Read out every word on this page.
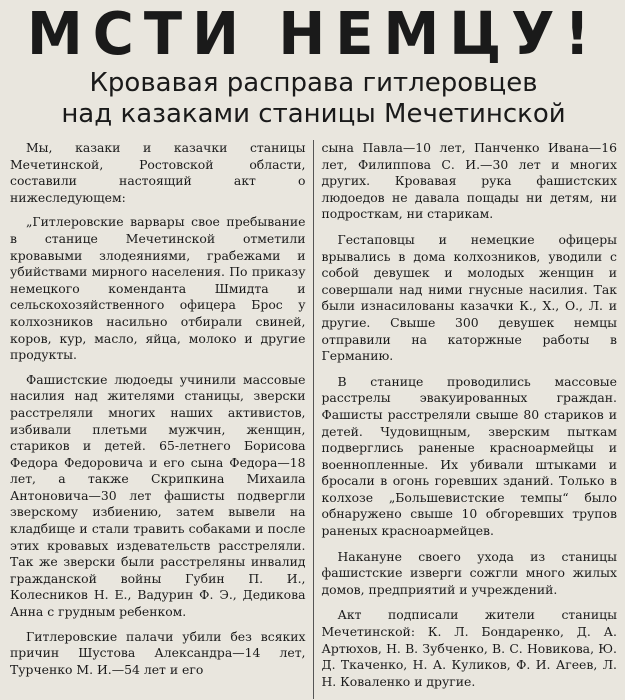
МСТИ НЕМЦУ!
Кровавая расправа гитлеровцев
над казаками станицы Мечетинской

Мы, казаки и казачки станицы Мечетинской, Ростовской области, составили настоящий акт о нижеследующем:

„Гитлеровские варвары свое пребывание в станице Мечетинской отметили кровавыми злодеяниями, грабежами и убийствами мирного населения. По приказу немецкого коменданта Шмидта и сельскохозяйственного офицера Брос у колхозников насильно отбирали свиней, коров, кур, масло, яйца, молоко и другие продукты.

Фашистские людоеды учинили массовые насилия над жителями станицы, зверски расстреляли многих наших активистов, избивали плетьми мужчин, женщин, стариков и детей. 65-летнего Борисова Федора Федоровича и его сына Федора—18 лет, а также Скрипкина Михаила Антоновича—30 лет фашисты подвергли зверскому избиению, затем вывели на кладбище и стали травить собаками и после этих кровавых издевательств расстреляли. Так же зверски были расстреляны инвалид гражданской войны Губин П. И., Колесников Н. Е., Вадурин Ф. Э., Дедикова Анна с грудным ребенком.

Гитлеровские палачи убили без всяких причин Шустова Александра—14 лет, Турченко М. И.—54 лет и его

сына Павла—10 лет, Панченко Ивана—16 лет, Филиппова С. И.—30 лет и многих других. Кровавая рука фашистских людоедов не давала пощады ни детям, ни подросткам, ни старикам.

Гестаповцы и немецкие офицеры врывались в дома колхозников, уводили с собой девушек и молодых женщин и совершали над ними гнусные насилия. Так были изнасилованы казачки К., Х., О., Л. и другие. Свыше 300 девушек немцы отправили на каторжные работы в Германию.

В станице проводились массовые расстрелы эвакуированных граждан. Фашисты расстреляли свыше 80 стариков и детей. Чудовищным, зверским пыткам подверглись раненые красноармейцы и военнопленные. Их убивали штыками и бросали в огонь горевших зданий. Только в колхозе „Большевистские темпы“ было обнаружено свыше 10 обгоревших трупов раненых красноармейцев.

Накануне своего ухода из станицы фашистские изверги сожгли много жилых домов, предприятий и учреждений.

Акт подписали жители станицы Мечетинской: К. Л. Бондаренко, Д. А. Артюхов, Н. В. Зубченко, В. С. Новикова, Ю. Д. Ткаченко, Н. А. Куликов, Ф. И. Агеев, Л. Н. Коваленко и другие.
